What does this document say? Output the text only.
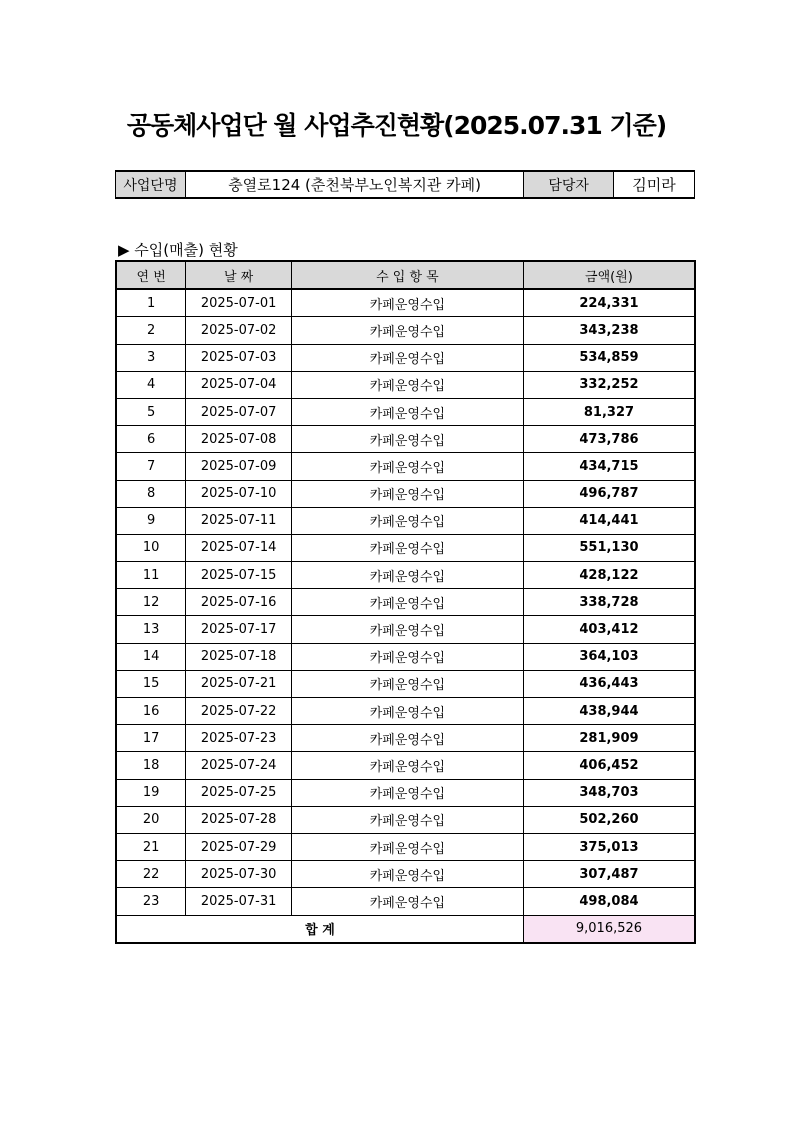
공동체사업단 월 사업추진현황(2025.07.31 기준)
사업단명	충열로124 (춘천북부노인복지관 카페)	담당자	김미라
▶ 수입(매출) 현황
연 번	날 짜	수 입 항 목	금액(원)
1	2025-07-01	카페운영수입	224,331
2	2025-07-02	카페운영수입	343,238
3	2025-07-03	카페운영수입	534,859
4	2025-07-04	카페운영수입	332,252
5	2025-07-07	카페운영수입	81,327
6	2025-07-08	카페운영수입	473,786
7	2025-07-09	카페운영수입	434,715
8	2025-07-10	카페운영수입	496,787
9	2025-07-11	카페운영수입	414,441
10	2025-07-14	카페운영수입	551,130
11	2025-07-15	카페운영수입	428,122
12	2025-07-16	카페운영수입	338,728
13	2025-07-17	카페운영수입	403,412
14	2025-07-18	카페운영수입	364,103
15	2025-07-21	카페운영수입	436,443
16	2025-07-22	카페운영수입	438,944
17	2025-07-23	카페운영수입	281,909
18	2025-07-24	카페운영수입	406,452
19	2025-07-25	카페운영수입	348,703
20	2025-07-28	카페운영수입	502,260
21	2025-07-29	카페운영수입	375,013
22	2025-07-30	카페운영수입	307,487
23	2025-07-31	카페운영수입	498,084
합 계			9,016,526
